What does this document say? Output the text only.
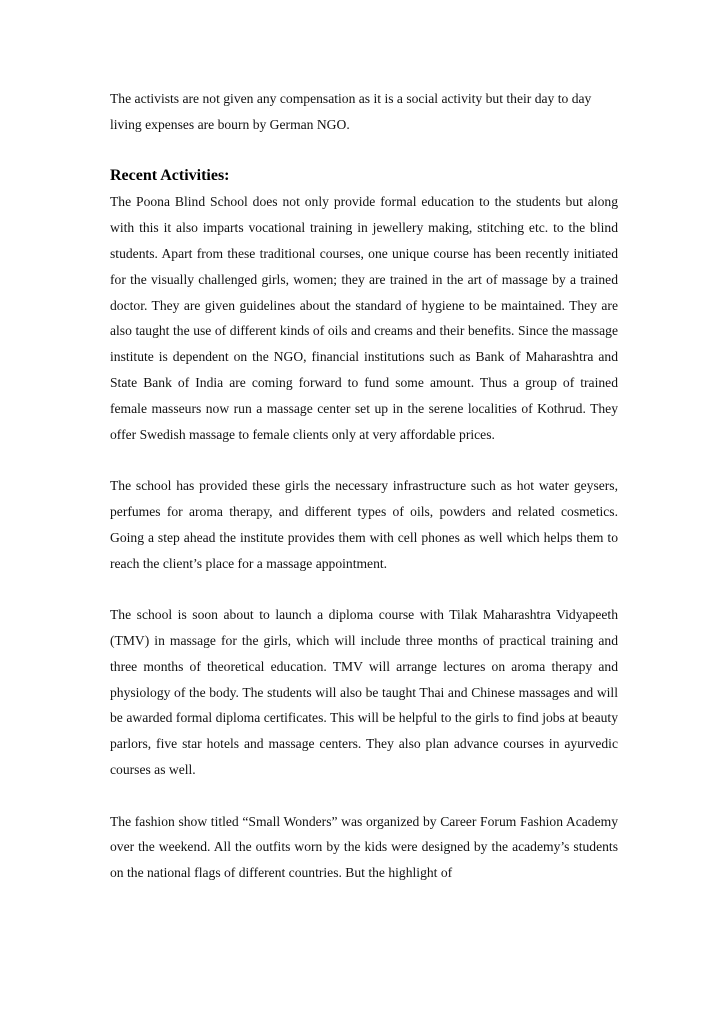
The activists are not given any compensation as it is a social activity but their day to day living expenses are bourn by German NGO.

Recent Activities:

The Poona Blind School does not only provide formal education to the students but along with this it also imparts vocational training in jewellery making, stitching etc. to the blind students. Apart from these traditional courses, one unique course has been recently initiated for the visually challenged girls, women; they are trained in the art of massage by a trained doctor. They are given guidelines about the standard of hygiene to be maintained. They are also taught the use of different kinds of oils and creams and their benefits. Since the massage institute is dependent on the NGO, financial institutions such as Bank of Maharashtra and State Bank of India are coming forward to fund some amount. Thus a group of trained female masseurs now run a massage center set up in the serene localities of Kothrud. They offer Swedish massage to female clients only at very affordable prices.

The school has provided these girls the necessary infrastructure such as hot water geysers, perfumes for aroma therapy, and different types of oils, powders and related cosmetics. Going a step ahead the institute provides them with cell phones as well which helps them to reach the client’s place for a massage appointment.

The school is soon about to launch a diploma course with Tilak Maharashtra Vidyapeeth (TMV) in massage for the girls, which will include three months of practical training and three months of theoretical education. TMV will arrange lectures on aroma therapy and physiology of the body. The students will also be taught Thai and Chinese massages and will be awarded formal diploma certificates. This will be helpful to the girls to find jobs at beauty parlors, five star hotels and massage centers. They also plan advance courses in ayurvedic courses as well.

The fashion show titled “Small Wonders” was organized by Career Forum Fashion Academy over the weekend. All the outfits worn by the kids were designed by the academy’s students on the national flags of different countries. But the highlight of
